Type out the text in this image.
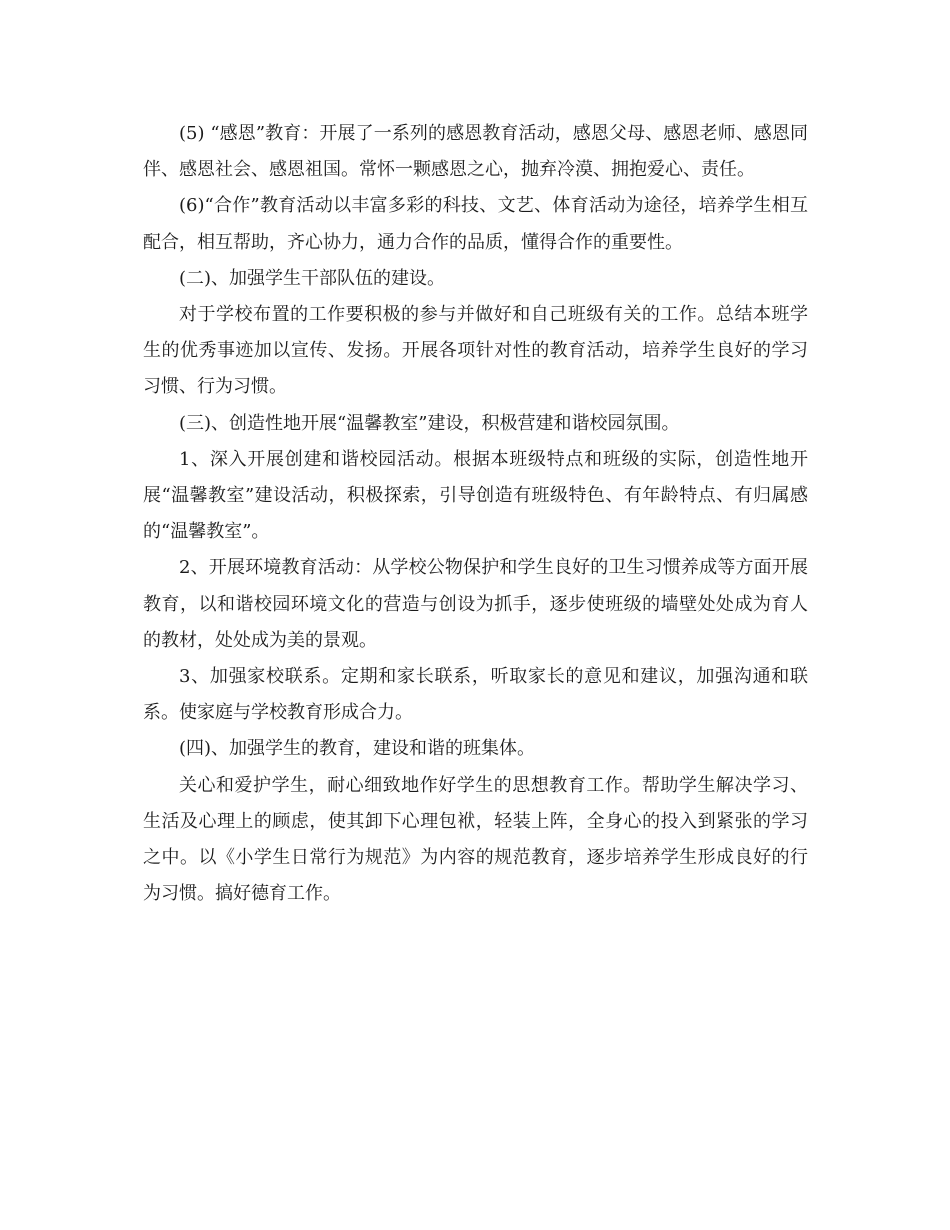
(5) “感恩”教育：开展了一系列的感恩教育活动，感恩父母、感恩老师、感恩同伴、感恩社会、感恩祖国。常怀一颗感恩之心，抛弃冷漠、拥抱爱心、责任。

(6)“合作”教育活动以丰富多彩的科技、文艺、体育活动为途径，培养学生相互配合，相互帮助，齐心协力，通力合作的品质，懂得合作的重要性。

(二)、加强学生干部队伍的建设。

对于学校布置的工作要积极的参与并做好和自己班级有关的工作。总结本班学生的优秀事迹加以宣传、发扬。开展各项针对性的教育活动，培养学生良好的学习习惯、行为习惯。

(三)、创造性地开展“温馨教室”建设，积极营建和谐校园氛围。

1、深入开展创建和谐校园活动。根据本班级特点和班级的实际，创造性地开展“温馨教室”建设活动，积极探索，引导创造有班级特色、有年龄特点、有归属感的“温馨教室”。

2、开展环境教育活动：从学校公物保护和学生良好的卫生习惯养成等方面开展教育，以和谐校园环境文化的营造与创设为抓手，逐步使班级的墙壁处处成为育人的教材，处处成为美的景观。

3、加强家校联系。定期和家长联系，听取家长的意见和建议，加强沟通和联系。使家庭与学校教育形成合力。

(四)、加强学生的教育，建设和谐的班集体。

关心和爱护学生，耐心细致地作好学生的思想教育工作。帮助学生解决学习、生活及心理上的顾虑，使其卸下心理包袱，轻装上阵，全身心的投入到紧张的学习之中。以《小学生日常行为规范》为内容的规范教育，逐步培养学生形成良好的行为习惯。搞好德育工作。
